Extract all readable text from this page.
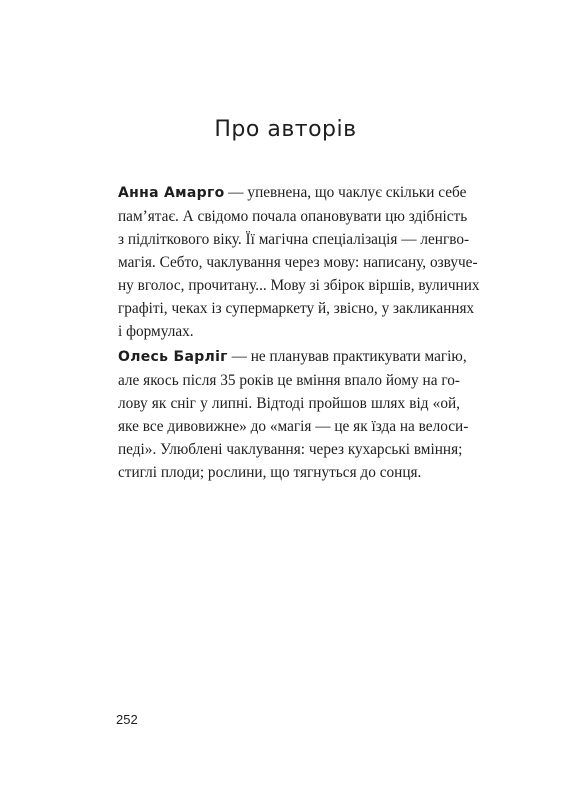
Про авторів
Анна Амарго — упевнена, що чаклує скільки себе
пам’ятає. А свідомо почала опановувати цю здібність
з підліткового віку. Її магічна спеціалізація — ленгво-
магія. Себто, чаклування через мову: написану, озвуче-
ну вголос, прочитану... Мову зі збірок віршів, вуличних
графіті, чеках із супермаркету й, звісно, у закликаннях
і формулах.
Олесь Барліг — не планував практикувати магію,
але якось після 35 років це вміння впало йому на го-
лову як сніг у липні. Відтоді пройшов шлях від «ой,
яке все дивовижне» до «магія — це як їзда на велоси-
педі». Улюблені чаклування: через кухарські вміння;
стиглі плоди; рослини, що тягнуться до сонця.
252
